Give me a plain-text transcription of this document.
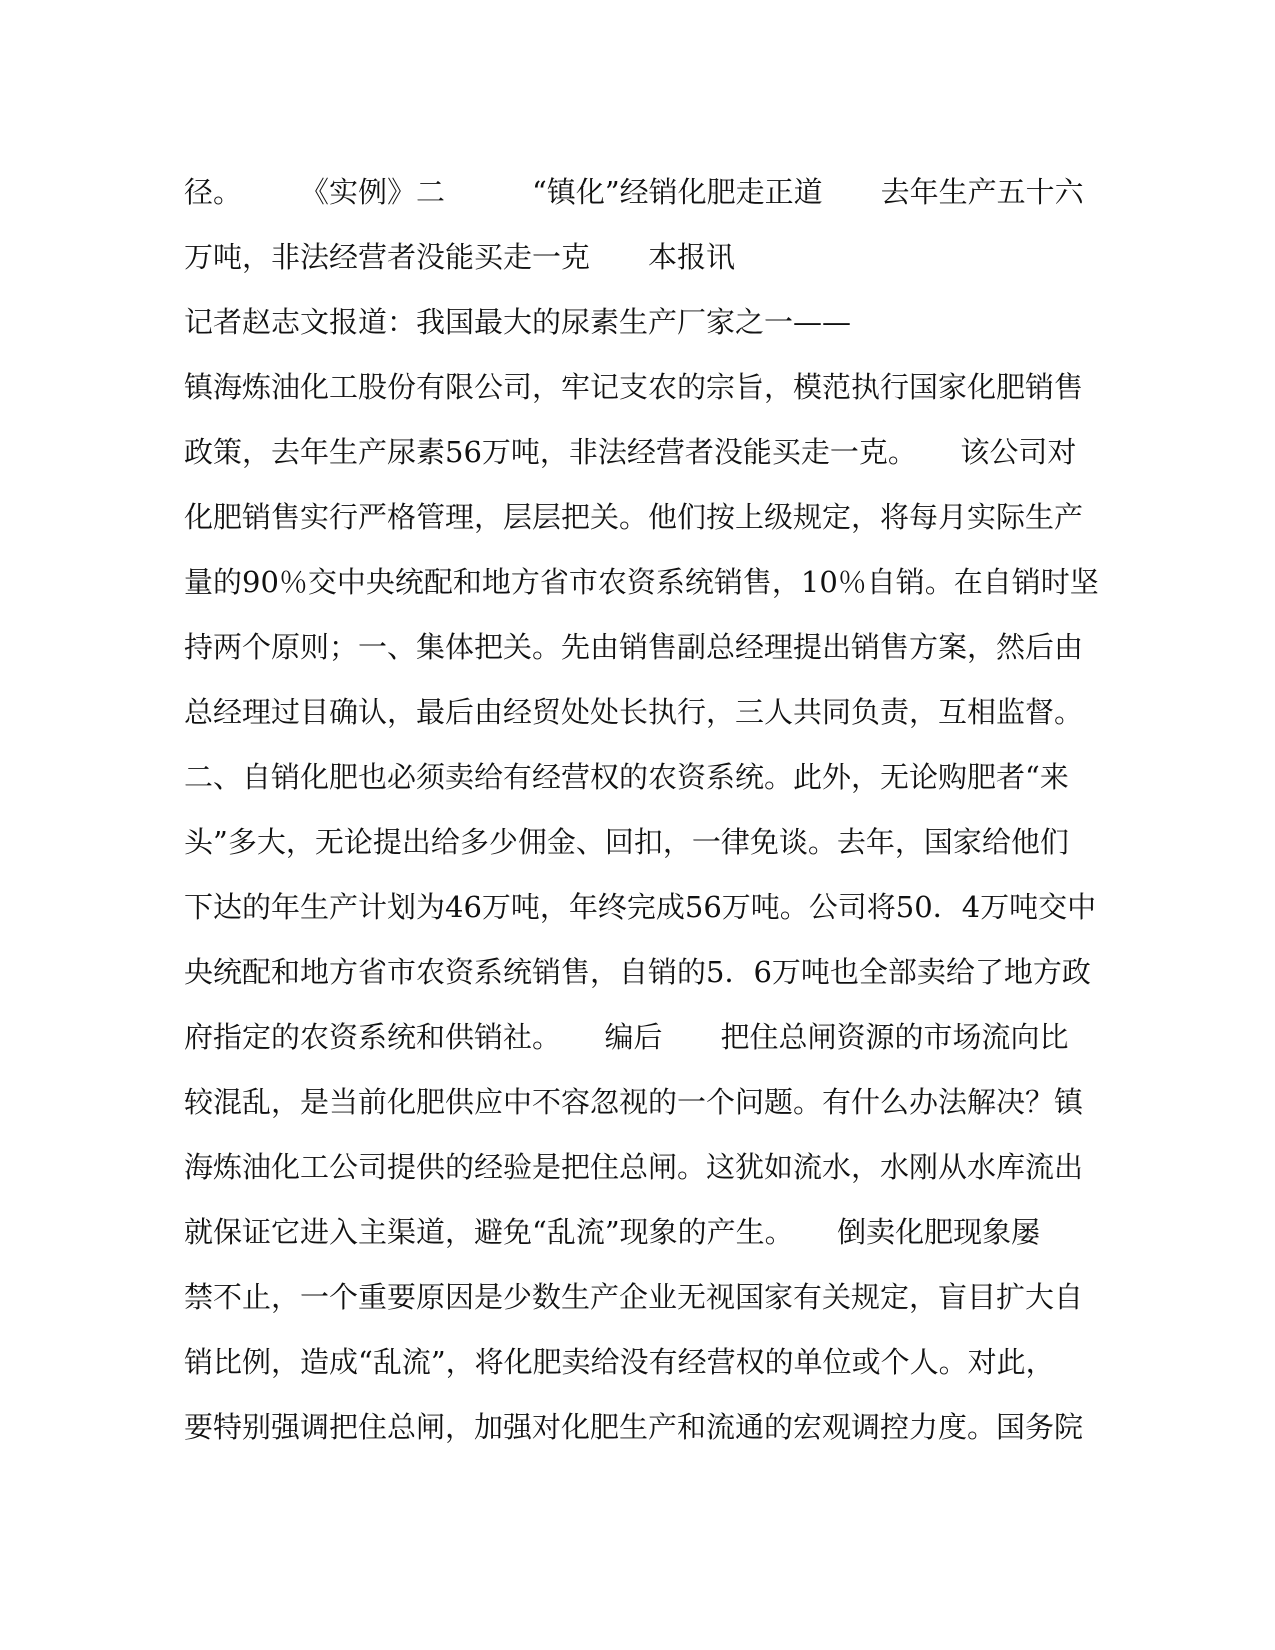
径。　　　《实例》二　　　“镇化”经销化肥走正道　　去年生产五十六
万吨，非法经营者没能买走一克　　本报讯
记者赵志文报道：我国最大的尿素生产厂家之一——
镇海炼油化工股份有限公司，牢记支农的宗旨，模范执行国家化肥销售
政策，去年生产尿素56万吨，非法经营者没能买走一克。　　该公司对
化肥销售实行严格管理，层层把关。他们按上级规定，将每月实际生产
量的90％交中央统配和地方省市农资系统销售，10％自销。在自销时坚
持两个原则；一、集体把关。先由销售副总经理提出销售方案，然后由
总经理过目确认，最后由经贸处处长执行，三人共同负责，互相监督。
二、自销化肥也必须卖给有经营权的农资系统。此外，无论购肥者“来
头”多大，无论提出给多少佣金、回扣，一律免谈。去年，国家给他们
下达的年生产计划为46万吨，年终完成56万吨。公司将50．4万吨交中
央统配和地方省市农资系统销售，自销的5．6万吨也全部卖给了地方政
府指定的农资系统和供销社。　　编后　　把住总闸资源的市场流向比
较混乱，是当前化肥供应中不容忽视的一个问题。有什么办法解决？镇
海炼油化工公司提供的经验是把住总闸。这犹如流水，水刚从水库流出
就保证它进入主渠道，避免“乱流”现象的产生。　　倒卖化肥现象屡
禁不止，一个重要原因是少数生产企业无视国家有关规定，盲目扩大自
销比例，造成“乱流”，将化肥卖给没有经营权的单位或个人。对此，
要特别强调把住总闸，加强对化肥生产和流通的宏观调控力度。国务院
